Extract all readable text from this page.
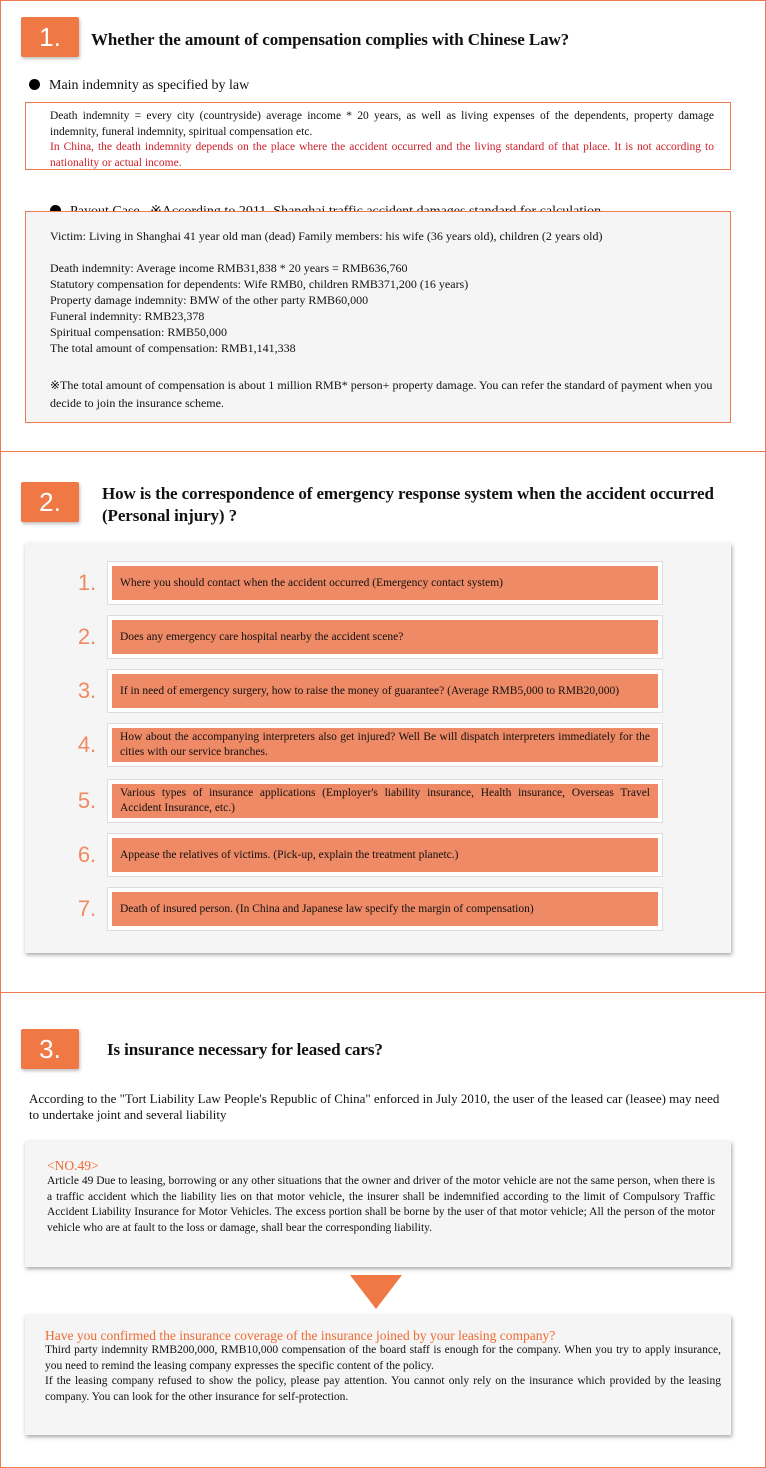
1.	Whether the amount of compensation complies with Chinese Law?
Main indemnity as specified by law
Death indemnity = every city (countryside) average income * 20 years, as well as living expenses of the dependents, property damage indemnity, funeral indemnity, spiritual compensation etc.
In China, the death indemnity depends on the place where the accident occurred and the living standard of that place. It is not according to nationality or actual income.

Victim: Living in Shanghai 41 year old man (dead) Family members: his wife (36 years old), children (2 years old)
Death indemnity: Average income RMB31,838 * 20 years = RMB636,760
Statutory compensation for dependents: Wife RMB0, children RMB371,200 (16 years)
Property damage indemnity: BMW of the other party RMB60,000
Funeral indemnity: RMB23,378
Spiritual compensation: RMB50,000
The total amount of compensation: RMB1,141,338
※The total amount of compensation is about 1 million RMB* person+ property damage. You can refer the standard of payment when you decide to join the insurance scheme.
2.	How is the correspondence of emergency response system when the accident occurred (Personal injury) ?
1.	Where you should contact when the accident occurred (Emergency contact system)
2.	Does any emergency care hospital nearby the accident scene?
3.	If in need of emergency surgery, how to raise the money of guarantee? (Average RMB5,000 to RMB20,000)
4.	How about the accompanying interpreters also get injured? Well Be will dispatch interpreters immediately for the cities with our service branches.
5.	Various types of insurance applications (Employer's liability insurance, Health insurance, Overseas Travel Accident Insurance, etc.)
6.	Appease the relatives of victims. (Pick-up, explain the treatment planetc.)
7.	Death of insured person. (In China and Japanese law specify the margin of compensation)
3.	Is insurance necessary for leased cars?
According to the "Tort Liability Law People's Republic of China" enforced in July 2010, the user of the leased car (leasee) may need to undertake joint and several liability
<NO.49>
Article 49 Due to leasing, borrowing or any other situations that the owner and driver of the motor vehicle are not the same person, when there is a traffic accident which the liability lies on that motor vehicle, the insurer shall be indemnified according to the limit of Compulsory Traffic Accident Liability Insurance for Motor Vehicles. The excess portion shall be borne by the user of that motor vehicle; All the person of the motor vehicle who are at fault to the loss or damage, shall bear the corresponding liability.
Have you confirmed the insurance coverage of the insurance joined by your leasing company?
Third party indemnity RMB200,000, RMB10,000 compensation of the board staff is enough for the company. When you try to apply insurance, you need to remind the leasing company expresses the specific content of the policy.
If the leasing company refused to show the policy, please pay attention. You cannot only rely on the insurance which provided by the leasing company. You can look for the other insurance for self-protection.
